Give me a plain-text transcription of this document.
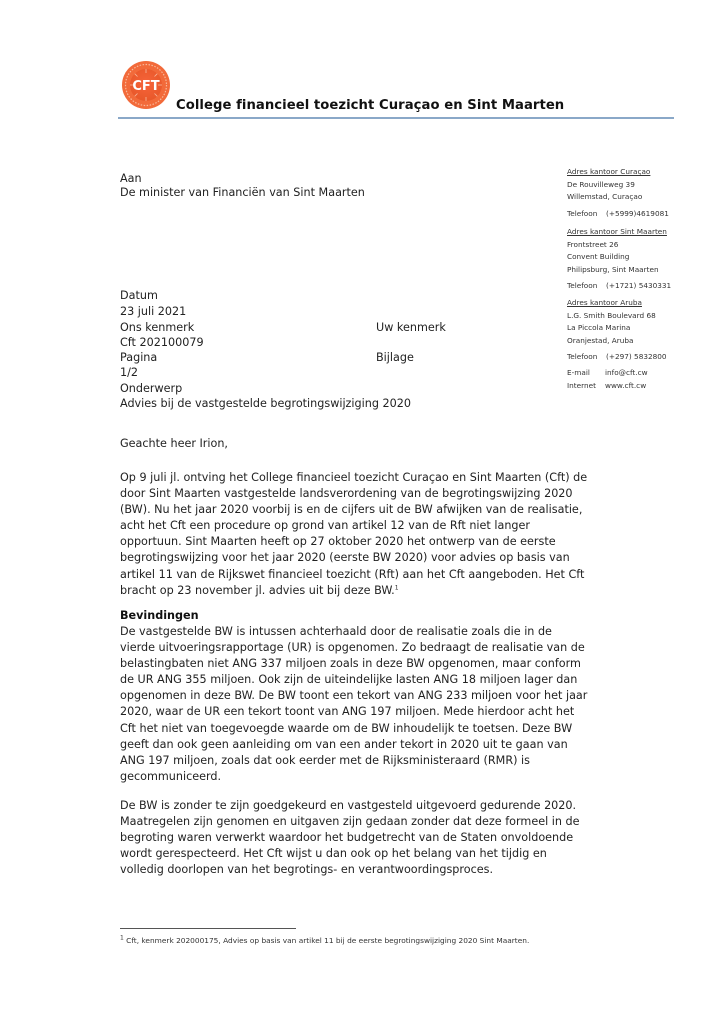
CFT
College financieel toezicht Curaçao en Sint Maarten
Aan
De minister van Financiën van Sint Maarten
Adres kantoor Curaçao
De Rouvilleweg 39
Willemstad, Curaçao
Telefoon (+5999)4619081
Adres kantoor Sint Maarten
Frontstreet 26
Convent Building
Philipsburg, Sint Maarten
Telefoon (+1721) 5430331
Adres kantoor Aruba
L.G. Smith Boulevard 68
La Piccola Marina
Oranjestad, Aruba
Telefoon (+297) 5832800
E-mail info@cft.cw
Internet www.cft.cw
Datum
23 juli 2021
Ons kenmerk	Uw kenmerk
Cft 202100079
Pagina	Bijlage
1/2
Onderwerp
Advies bij de vastgestelde begrotingswijziging 2020
Geachte heer Irion,

Op 9 juli jl. ontving het College financieel toezicht Curaçao en Sint Maarten (Cft) de door Sint Maarten vastgestelde landsverordening van de begrotingswijzing 2020 (BW). Nu het jaar 2020 voorbij is en de cijfers uit de BW afwijken van de realisatie, acht het Cft een procedure op grond van artikel 12 van de Rft niet langer opportuun. Sint Maarten heeft op 27 oktober 2020 het ontwerp van de eerste begrotingswijzing voor het jaar 2020 (eerste BW 2020) voor advies op basis van artikel 11 van de Rijkswet financieel toezicht (Rft) aan het Cft aangeboden. Het Cft bracht op 23 november jl. advies uit bij deze BW.$^1$

Bevindingen
De vastgestelde BW is intussen achterhaald door de realisatie zoals die in de vierde uitvoeringsrapportage (UR) is opgenomen. Zo bedraagt de realisatie van de belastingbaten niet ANG 337 miljoen zoals in deze BW opgenomen, maar conform de UR ANG 355 miljoen. Ook zijn de uiteindelijke lasten ANG 18 miljoen lager dan opgenomen in deze BW. De BW toont een tekort van ANG 233 miljoen voor het jaar 2020, waar de UR een tekort toont van ANG 197 miljoen. Mede hierdoor acht het Cft het niet van toegevoegde waarde om de BW inhoudelijk te toetsen. Deze BW geeft dan ook geen aanleiding om van een ander tekort in 2020 uit te gaan van ANG 197 miljoen, zoals dat ook eerder met de Rijksministeraard (RMR) is gecommuniceerd.
De BW is zonder te zijn goedgekeurd en vastgesteld uitgevoerd gedurende 2020. Maatregelen zijn genomen en uitgaven zijn gedaan zonder dat deze formeel in de begroting waren verwerkt waardoor het budgetrecht van de Staten onvoldoende wordt gerespecteerd. Het Cft wijst u dan ook op het belang van het tijdig en volledig doorlopen van het begrotings- en verantwoordingsproces.
$^1$ Cft, kenmerk 202000175, Advies op basis van artikel 11 bij de eerste begrotingswijziging 2020 Sint Maarten.
